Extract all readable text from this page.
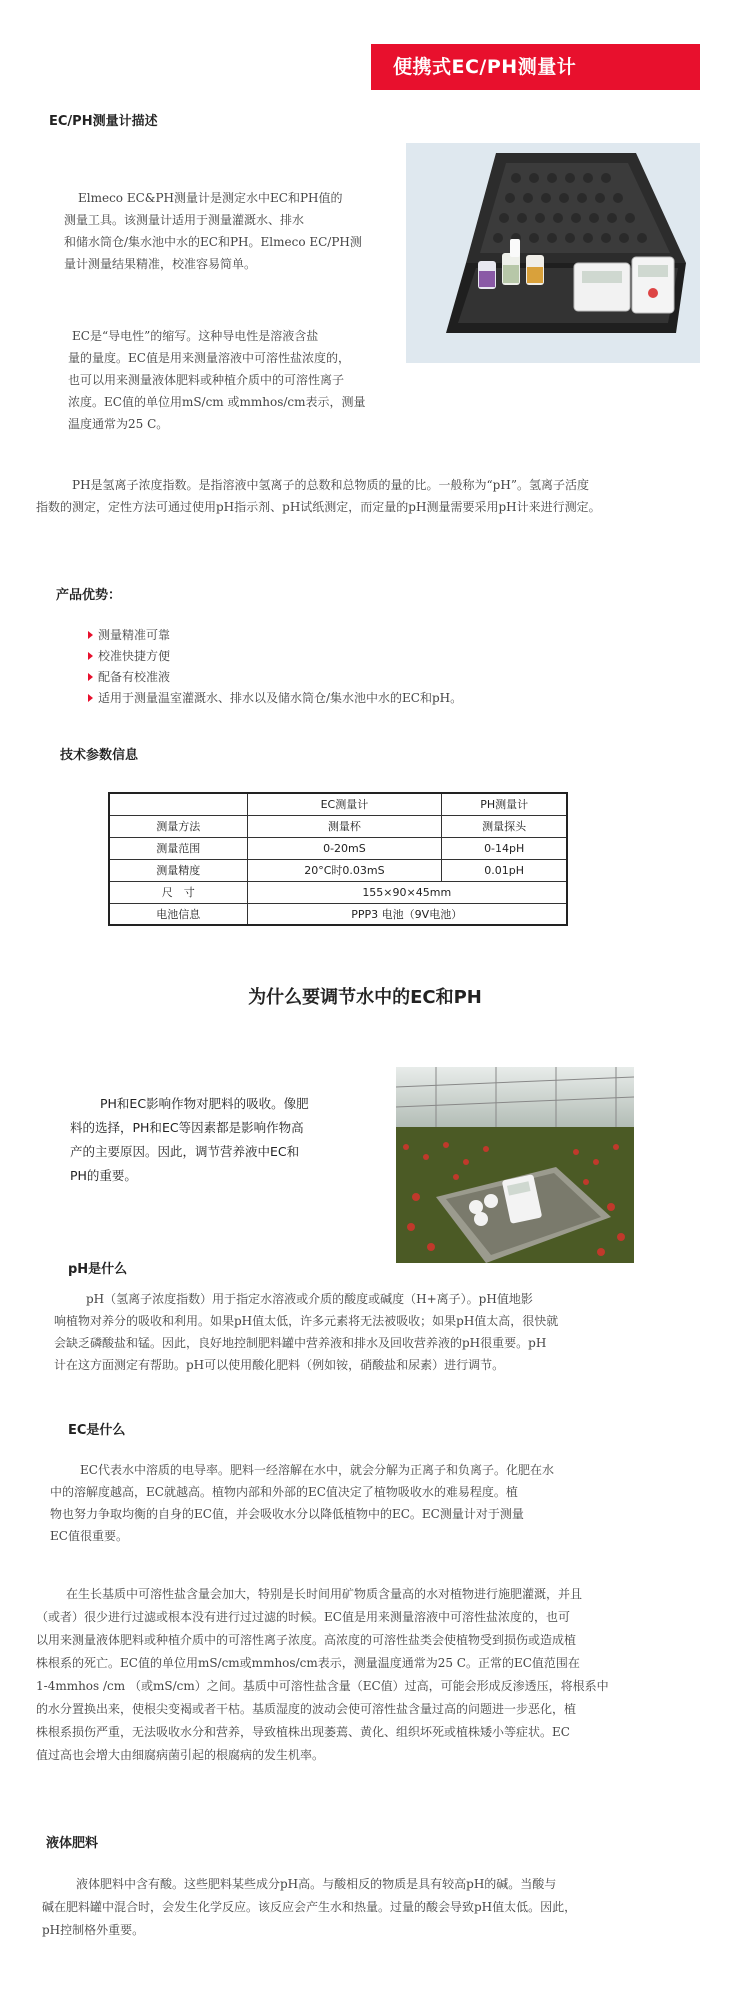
便携式EC/PH测量计
EC/PH测量计描述
Elmeco EC&PH测量计是测定水中EC和PH值的
测量工具。该测量计适用于测量灌溉水、排水
和储水筒仓/集水池中水的EC和PH。Elmeco EC/PH测
量计测量结果精准，校准容易简单。
EC是“导电性”的缩写。这种导电性是溶液含盐
量的量度。EC值是用来测量溶液中可溶性盐浓度的，
也可以用来测量液体肥料或种植介质中的可溶性离子
浓度。EC值的单位用mS/cm 或mmhos/cm表示，测量
温度通常为25 C。
PH是氢离子浓度指数。是指溶液中氢离子的总数和总物质的量的比。一般称为“pH”。氢离子活度
指数的测定，定性方法可通过使用pH指示剂、pH试纸测定，而定量的pH测量需要采用pH计来进行测定。
产品优势：
测量精准可靠
校准快捷方便
配备有校准液
适用于测量温室灌溉水、排水以及储水筒仓/集水池中水的EC和pH。
技术参数信息
	EC测量计	PH测量计
测量方法	测量杯	测量探头
测量范围	0-20mS	0-14pH
测量精度	20°C时0.03mS	0.01pH
尺　寸	155×90×45mm	
电池信息	PPP3 电池（9V电池）	
为什么要调节水中的EC和PH
PH和EC影响作物对肥料的吸收。像肥
料的选择，PH和EC等因素都是影响作物高
产的主要原因。因此，调节营养液中EC和
PH的重要。
pH是什么
pH（氢离子浓度指数）用于指定水溶液或介质的酸度或碱度（H+离子）。pH值地影
响植物对养分的吸收和利用。如果pH值太低，许多元素将无法被吸收；如果pH值太高，很快就
会缺乏磷酸盐和锰。因此，良好地控制肥料罐中营养液和排水及回收营养液的pH很重要。pH
计在这方面测定有帮助。pH可以使用酸化肥料（例如铵，硝酸盐和尿素）进行调节。
EC是什么
EC代表水中溶质的电导率。肥料一经溶解在水中，就会分解为正离子和负离子。化肥在水
中的溶解度越高，EC就越高。植物内部和外部的EC值决定了植物吸收水的难易程度。植
物也努力争取均衡的自身的EC值，并会吸收水分以降低植物中的EC。EC测量计对于测量
EC值很重要。
在生长基质中可溶性盐含量会加大，特别是长时间用矿物质含量高的水对植物进行施肥灌溉，并且
（或者）很少进行过滤或根本没有进行过过滤的时候。EC值是用来测量溶液中可溶性盐浓度的，也可
以用来测量液体肥料或种植介质中的可溶性离子浓度。高浓度的可溶性盐类会使植物受到损伤或造成植
株根系的死亡。EC值的单位用mS/cm或mmhos/cm表示，测量温度通常为25 C。正常的EC值范围在
1-4mmhos /cm （或mS/cm）之间。基质中可溶性盐含量（EC值）过高，可能会形成反渗透压，将根系中
的水分置换出来，使根尖变褐或者干枯。基质湿度的波动会使可溶性盐含量过高的问题进一步恶化，植
株根系损伤严重，无法吸收水分和营养，导致植株出现萎蔫、黄化、组织坏死或植株矮小等症状。EC
值过高也会增大由细腐病菌引起的根腐病的发生机率。
液体肥料
液体肥料中含有酸。这些肥料某些成分pH高。与酸相反的物质是具有较高pH的碱。当酸与
碱在肥料罐中混合时，会发生化学反应。该反应会产生水和热量。过量的酸会导致pH值太低。因此，
pH控制格外重要。
